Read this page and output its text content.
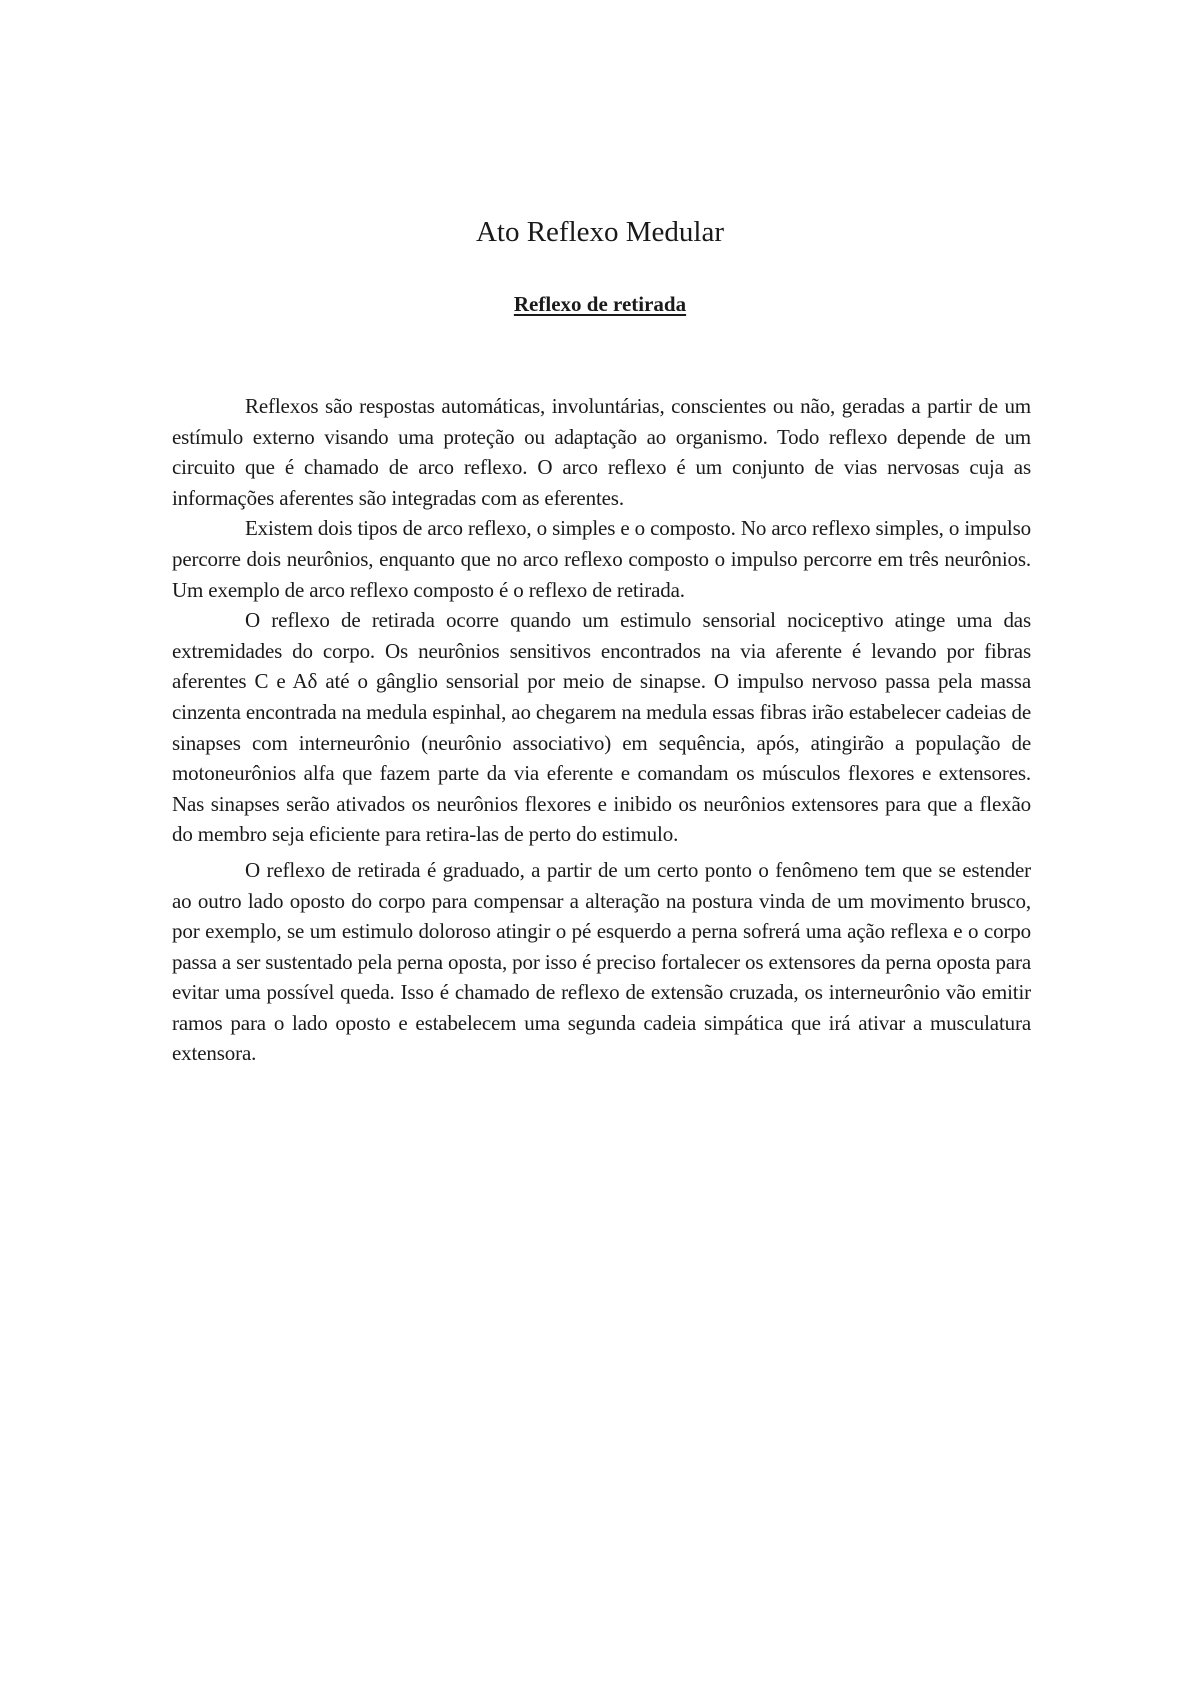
Ato Reflexo Medular
Reflexo de retirada

Reflexos são respostas automáticas, involuntárias, conscientes ou não, geradas a partir de um estímulo externo visando uma proteção ou adaptação ao organismo. Todo reflexo depende de um circuito que é chamado de arco reflexo. O arco reflexo é um conjunto de vias nervosas cuja as informações aferentes são integradas com as eferentes.

Existem dois tipos de arco reflexo, o simples e o composto. No arco reflexo simples, o impulso percorre dois neurônios, enquanto que no arco reflexo composto o impulso percorre em três neurônios. Um exemplo de arco reflexo composto é o reflexo de retirada.

O reflexo de retirada ocorre quando um estimulo sensorial nociceptivo atinge uma das extremidades do corpo. Os neurônios sensitivos encontrados na via aferente é levando por fibras aferentes C e Aδ até o gânglio sensorial por meio de sinapse. O impulso nervoso passa pela massa cinzenta encontrada na medula espinhal, ao chegarem na medula essas fibras irão estabelecer cadeias de sinapses com interneurônio (neurônio associativo) em sequência, após, atingirão a população de motoneurônios alfa que fazem parte da via eferente e comandam os músculos flexores e extensores. Nas sinapses serão ativados os neurônios flexores e inibido os neurônios extensores para que a flexão do membro seja eficiente para retira-las de perto do estimulo.

O reflexo de retirada é graduado, a partir de um certo ponto o fenômeno tem que se estender ao outro lado oposto do corpo para compensar a alteração na postura vinda de um movimento brusco, por exemplo, se um estimulo doloroso atingir o pé esquerdo a perna sofrerá uma ação reflexa e o corpo passa a ser sustentado pela perna oposta, por isso é preciso fortalecer os extensores da perna oposta para evitar uma possível queda. Isso é chamado de reflexo de extensão cruzada, os interneurônio vão emitir ramos para o lado oposto e estabelecem uma segunda cadeia simpática que irá ativar a musculatura extensora.
